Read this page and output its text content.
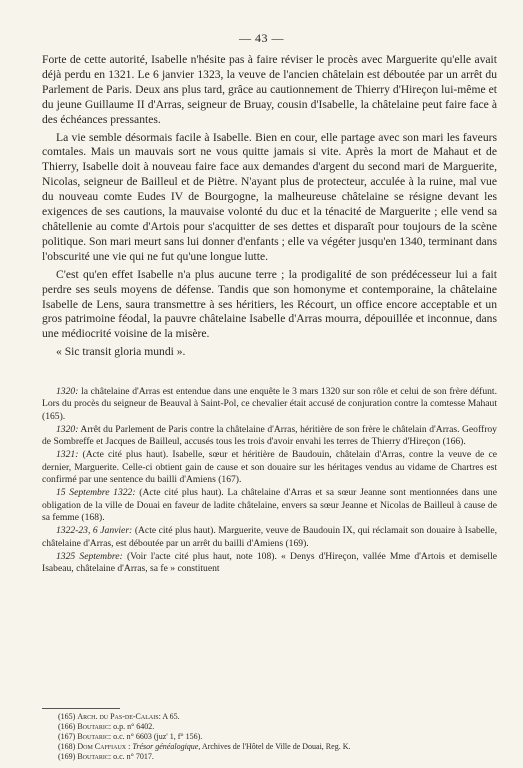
— 43 —

Forte de cette autorité, Isabelle n'hésite pas à faire réviser le procès avec Marguerite qu'elle avait déjà perdu en 1321. Le 6 janvier 1323, la veuve de l'ancien châtelain est déboutée par un arrêt du Parlement de Paris. Deux ans plus tard, grâce au cautionnement de Thierry d'Hireçon lui-même et du jeune Guillaume II d'Arras, seigneur de Bruay, cousin d'Isabelle, la châtelaine peut faire face à des échéances pressantes.

La vie semble désormais facile à Isabelle. Bien en cour, elle partage avec son mari les faveurs comtales. Mais un mauvais sort ne vous quitte jamais si vite. Après la mort de Mahaut et de Thierry, Isabelle doit à nouveau faire face aux demandes d'argent du second mari de Marguerite, Nicolas, seigneur de Bailleul et de Piètre. N'ayant plus de protecteur, acculée à la ruine, mal vue du nouveau comte Eudes IV de Bourgogne, la malheureuse châtelaine se résigne devant les exigences de ses cautions, la mauvaise volonté du duc et la ténacité de Marguerite ; elle vend sa châtellenie au comte d'Artois pour s'acquitter de ses dettes et disparaît pour toujours de la scène politique. Son mari meurt sans lui donner d'enfants ; elle va végéter jusqu'en 1340, terminant dans l'obscurité une vie qui ne fut qu'une longue lutte.

C'est qu'en effet Isabelle n'a plus aucune terre ; la prodigalité de son prédécesseur lui a fait perdre ses seuls moyens de défense. Tandis que son homonyme et contemporaine, la châtelaine Isabelle de Lens, saura transmettre à ses héritiers, les Récourt, un office encore acceptable et un gros patrimoine féodal, la pauvre châtelaine Isabelle d'Arras mourra, dépouillée et inconnue, dans une médiocrité voisine de la misère.

« Sic transit gloria mundi ».

1320: la châtelaine d'Arras est entendue dans une enquête le 3 mars 1320 sur son rôle et celui de son frère défunt. Lors du procès du seigneur de Beauval à Saint-Pol, ce chevalier était accusé de conjuration contre la comtesse Mahaut (165).

1320: Arrêt du Parlement de Paris contre la châtelaine d'Arras, héritière de son frère le châtelain d'Arras. Geoffroy de Sombreffe et Jacques de Bailleul, accusés tous les trois d'avoir envahi les terres de Thierry d'Hireçon (166).

1321: (Acte cité plus haut). Isabelle, sœur et héritière de Baudouin, châtelain d'Arras, contre la veuve de ce dernier, Marguerite. Celle-ci obtient gain de cause et son douaire sur les héritages vendus au vidame de Chartres est confirmé par une sentence du bailli d'Amiens (167).

15 Septembre 1322: (Acte cité plus haut). La châtelaine d'Arras et sa sœur Jeanne sont mentionnées dans une obligation de la ville de Douai en faveur de ladite châtelaine, envers sa sœur Jeanne et Nicolas de Bailleul à cause de sa femme (168).

1322-23, 6 Janvier: (Acte cité plus haut). Marguerite, veuve de Baudouin IX, qui réclamait son douaire à Isabelle, châtelaine d'Arras, est déboutée par un arrêt du bailli d'Amiens (169).

1325 Septembre: (Voir l'acte cité plus haut, note 108). « Denys d'Hireçon, vallée Mme d'Artois et demiselle Isabeau, châtelaine d'Arras, sa fe » constituent

(165) Arch. du Pas-de-Calais: A 65.
(166) Boutaric: o.p. n° 6402.
(167) Boutaric: o.c. n° 6603 (juz' 1, f° 156).
(168) Dom Caffiaux : Trésor généalogique, Archives de l'Hôtel de Ville de Douai, Reg. K.
(169) Boutaric: o.c. n° 7017.
